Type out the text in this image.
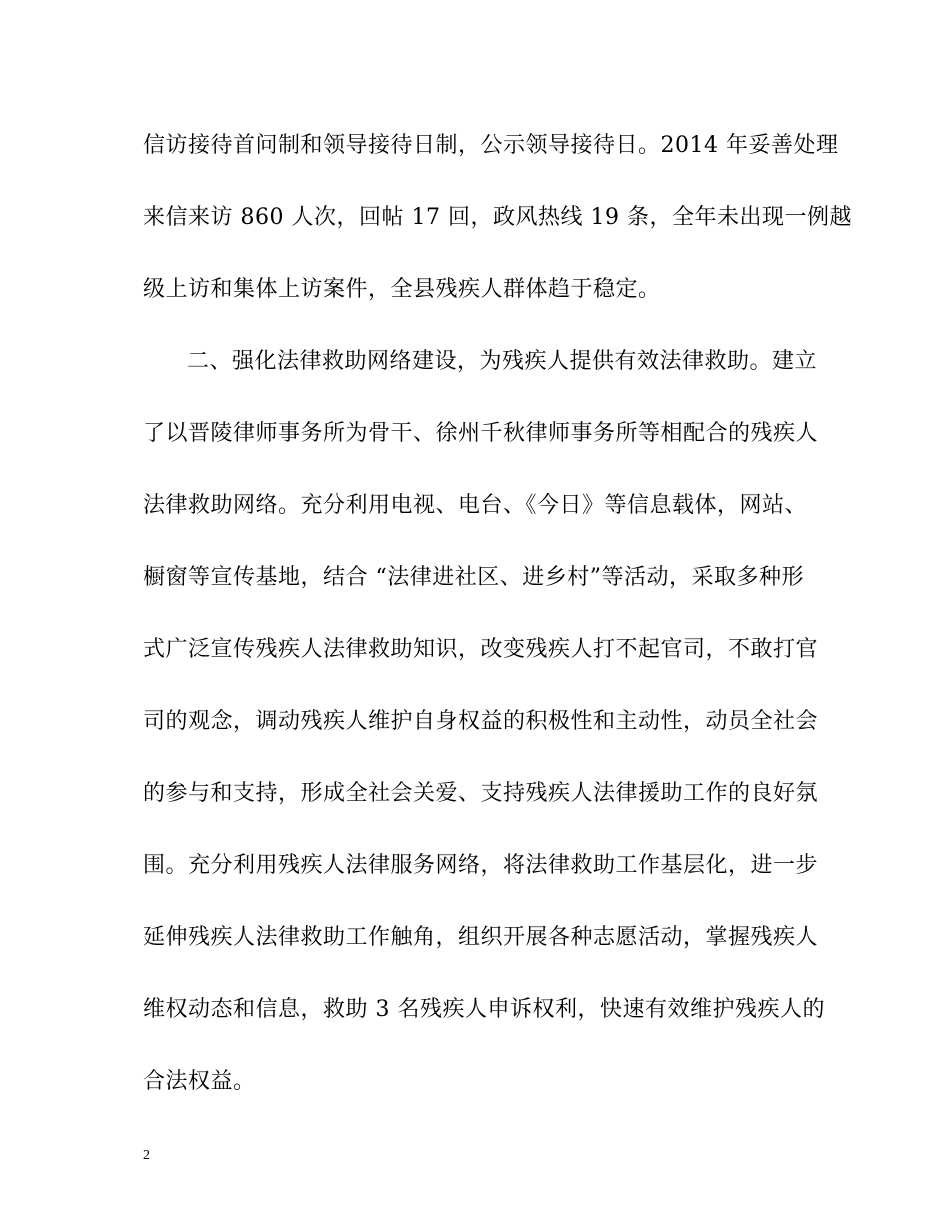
信访接待首问制和领导接待日制，公示领导接待日。2014 年妥善处理
来信来访 860 人次，回帖 17 回，政风热线 19 条，全年未出现一例越
级上访和集体上访案件，全县残疾人群体趋于稳定。
二、强化法律救助网络建设，为残疾人提供有效法律救助。建立
了以晋陵律师事务所为骨干、徐州千秋律师事务所等相配合的残疾人
法律救助网络。充分利用电视、电台、《今日》等信息载体，网站、
橱窗等宣传基地，结合 “法律进社区、进乡村”等活动，采取多种形
式广泛宣传残疾人法律救助知识，改变残疾人打不起官司，不敢打官
司的观念，调动残疾人维护自身权益的积极性和主动性，动员全社会
的参与和支持，形成全社会关爱、支持残疾人法律援助工作的良好氛
围。充分利用残疾人法律服务网络，将法律救助工作基层化，进一步
延伸残疾人法律救助工作触角，组织开展各种志愿活动，掌握残疾人
维权动态和信息，救助 3 名残疾人申诉权利，快速有效维护残疾人的
合法权益。
2
